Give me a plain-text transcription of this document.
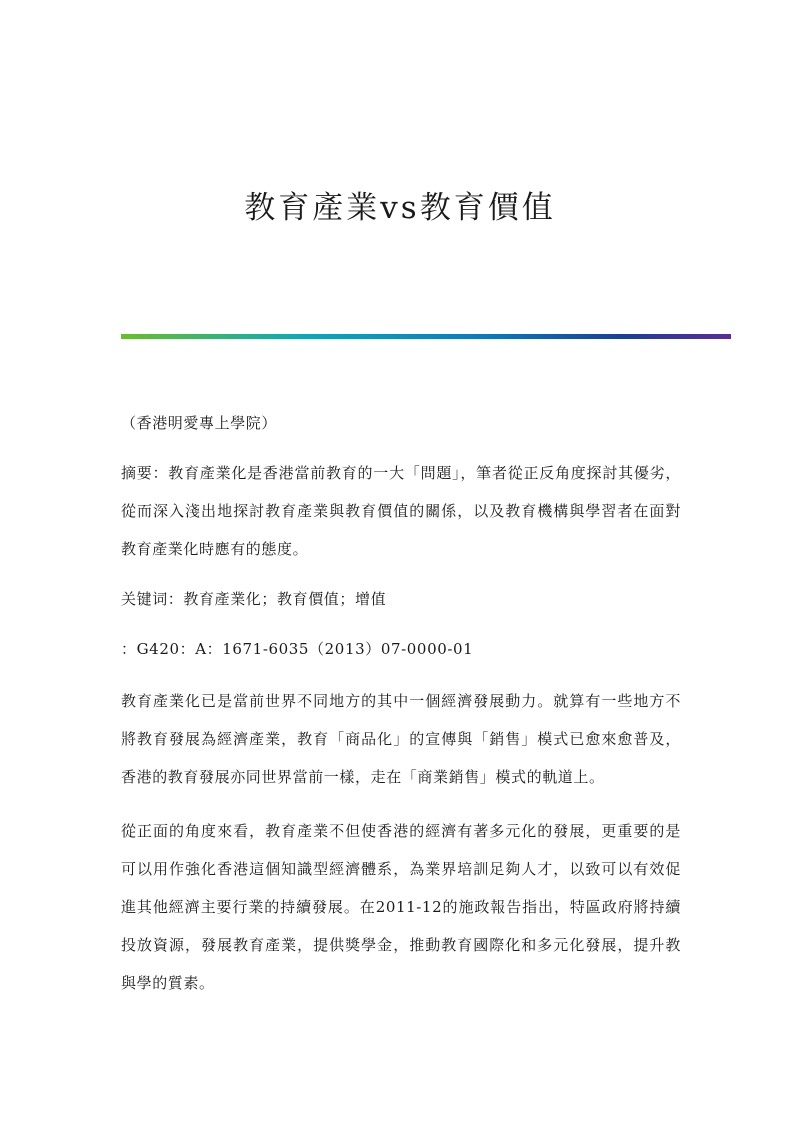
教育產業vs教育價值

（香港明愛專上學院）

摘要：教育產業化是香港當前教育的一大「問題」，筆者從正反角度探討其優劣，從而深入淺出地探討教育產業與教育價值的關係，以及教育機構與學習者在面對教育產業化時應有的態度。

关键词：教育產業化；教育價值；增值

：G420：A：1671-6035（2013）07-0000-01

教育產業化已是當前世界不同地方的其中一個經濟發展動力。就算有一些地方不將教育發展為經濟產業，教育「商品化」的宣傳與「銷售」模式已愈來愈普及，香港的教育發展亦同世界當前一樣，走在「商業銷售」模式的軌道上。

從正面的角度來看，教育產業不但使香港的經濟有著多元化的發展，更重要的是可以用作強化香港這個知識型經濟體系，為業界培訓足夠人才，以致可以有效促進其他經濟主要行業的持續發展。在2011-12的施政報告指出，特區政府將持續投放資源，發展教育產業，提供獎學金，推動教育國際化和多元化發展，提升教與學的質素。
